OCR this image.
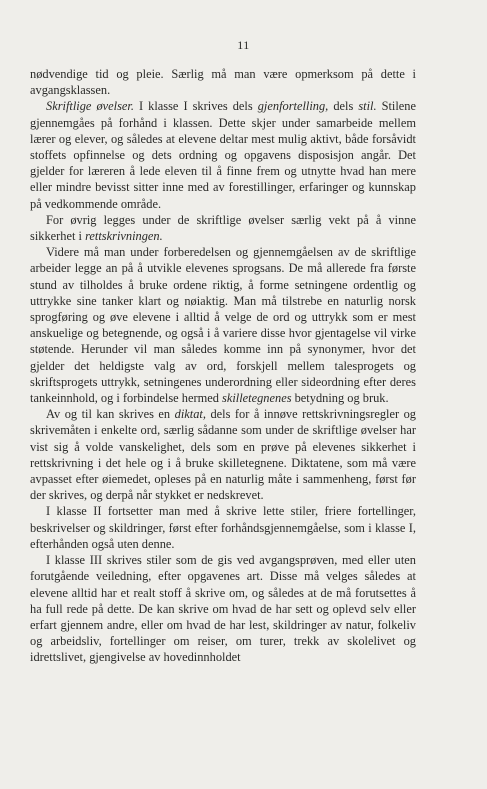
11

nødvendige tid og pleie. Særlig må man være opmerksom på dette i avgangsklassen.

Skriftlige øvelser. I klasse I skrives dels gjenfortelling, dels stil. Stilene gjennemgåes på forhånd i klassen. Dette skjer under samarbeide mellem lærer og elever, og således at elevene deltar mest mulig aktivt, både forsåvidt stoffets opfinnelse og dets ordning og opgavens disposisjon angår. Det gjelder for læreren å lede eleven til å finne frem og utnytte hvad han mere eller mindre bevisst sitter inne med av forestillinger, erfaringer og kunnskap på vedkommende område.

For øvrig legges under de skriftlige øvelser særlig vekt på å vinne sikkerhet i rettskrivningen.

Videre må man under forberedelsen og gjennemgåelsen av de skriftlige arbeider legge an på å utvikle elevenes sprogsans. De må allerede fra første stund av tilholdes å bruke ordene riktig, å forme setningene ordentlig og uttrykke sine tanker klart og nøiaktig. Man må tilstrebe en naturlig norsk sprogføring og øve elevene i alltid å velge de ord og uttrykk som er mest anskuelige og betegnende, og også i å variere disse hvor gjentagelse vil virke støtende. Herunder vil man således komme inn på synonymer, hvor det gjelder det heldigste valg av ord, forskjell mellem talesprogets og skriftsprogets uttrykk, setningenes underordning eller sideordning efter deres tankeinnhold, og i forbindelse hermed skilletegnenes betydning og bruk.

Av og til kan skrives en diktat, dels for å innøve rettskrivningsregler og skrivemåten i enkelte ord, særlig sådanne som under de skriftlige øvelser har vist sig å volde vanskelighet, dels som en prøve på elevenes sikkerhet i rettskrivning i det hele og i å bruke skilletegnene. Diktatene, som må være avpasset efter øiemedet, opleses på en naturlig måte i sammenheng, først før der skrives, og derpå når stykket er nedskrevet.

I klasse II fortsetter man med å skrive lette stiler, friere fortellinger, beskrivelser og skildringer, først efter forhåndsgjennemgåelse, som i klasse I, efterhånden også uten denne.

I klasse III skrives stiler som de gis ved avgangsprøven, med eller uten forutgående veiledning, efter opgavenes art. Disse må velges således at elevene alltid har et realt stoff å skrive om, og således at de må forutsettes å ha full rede på dette. De kan skrive om hvad de har sett og oplevd selv eller erfart gjennem andre, eller om hvad de har lest, skildringer av natur, folkeliv og arbeidsliv, fortellinger om reiser, om turer, trekk av skolelivet og idrettslivet, gjengivelse av hovedinnholdet
